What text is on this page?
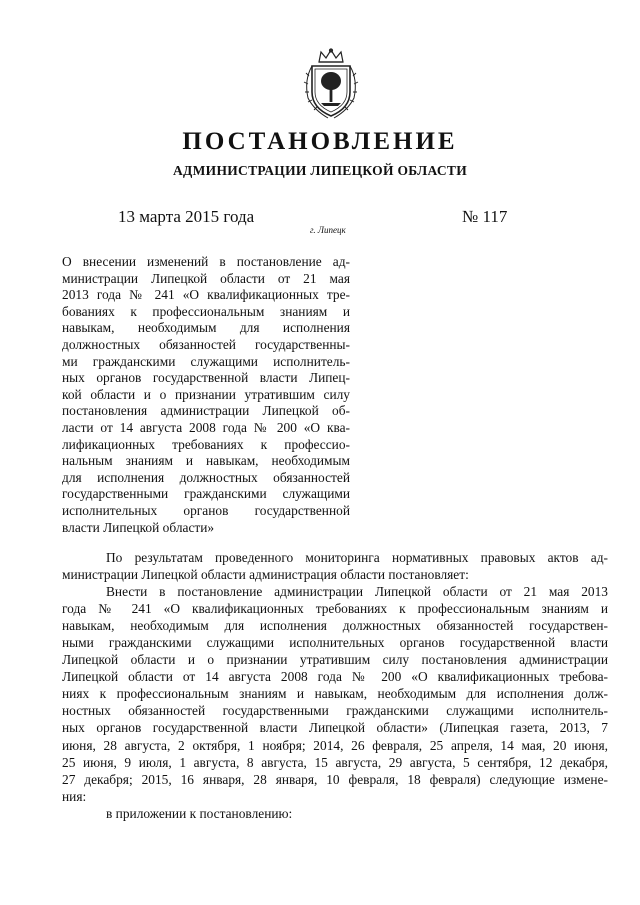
ПОСТАНОВЛЕНИЕ
АДМИНИСТРАЦИИ ЛИПЕЦКОЙ ОБЛАСТИ
13 марта 2015 года
г. Липецк
№ 117
О внесении изменений в постановление ад-
министрации Липецкой области от 21 мая
2013 года № 241 «О квалификационных тре-
бованиях к профессиональным знаниям и
навыкам, необходимым для исполнения
должностных обязанностей государственны-
ми гражданскими служащими исполнитель-
ных органов государственной власти Липец-
кой области и о признании утратившим силу
постановления администрации Липецкой об-
ласти от 14 августа 2008 года № 200 «О ква-
лификационных требованиях к профессио-
нальным знаниям и навыкам, необходимым
для исполнения должностных обязанностей
государственными гражданскими служащими
исполнительных органов государственной
власти Липецкой области»
По результатам проведенного мониторинга нормативных правовых актов ад-
министрации Липецкой области администрация области постановляет:
Внести в постановление администрации Липецкой области от 21 мая 2013
года № 241 «О квалификационных требованиях к профессиональным знаниям и
навыкам, необходимым для исполнения должностных обязанностей государствен-
ными гражданскими служащими исполнительных органов государственной власти
Липецкой области и о признании утратившим силу постановления администрации
Липецкой области от 14 августа 2008 года № 200 «О квалификационных требова-
ниях к профессиональным знаниям и навыкам, необходимым для исполнения долж-
ностных обязанностей государственными гражданскими служащими исполнитель-
ных органов государственной власти Липецкой области» (Липецкая газета, 2013, 7
июня, 28 августа, 2 октября, 1 ноября; 2014, 26 февраля, 25 апреля, 14 мая, 20 июня,
25 июня, 9 июля, 1 августа, 8 августа, 15 августа, 29 августа, 5 сентября, 12 декабря,
27 декабря; 2015, 16 января, 28 января, 10 февраля, 18 февраля) следующие измене-
ния:
в приложении к постановлению:
